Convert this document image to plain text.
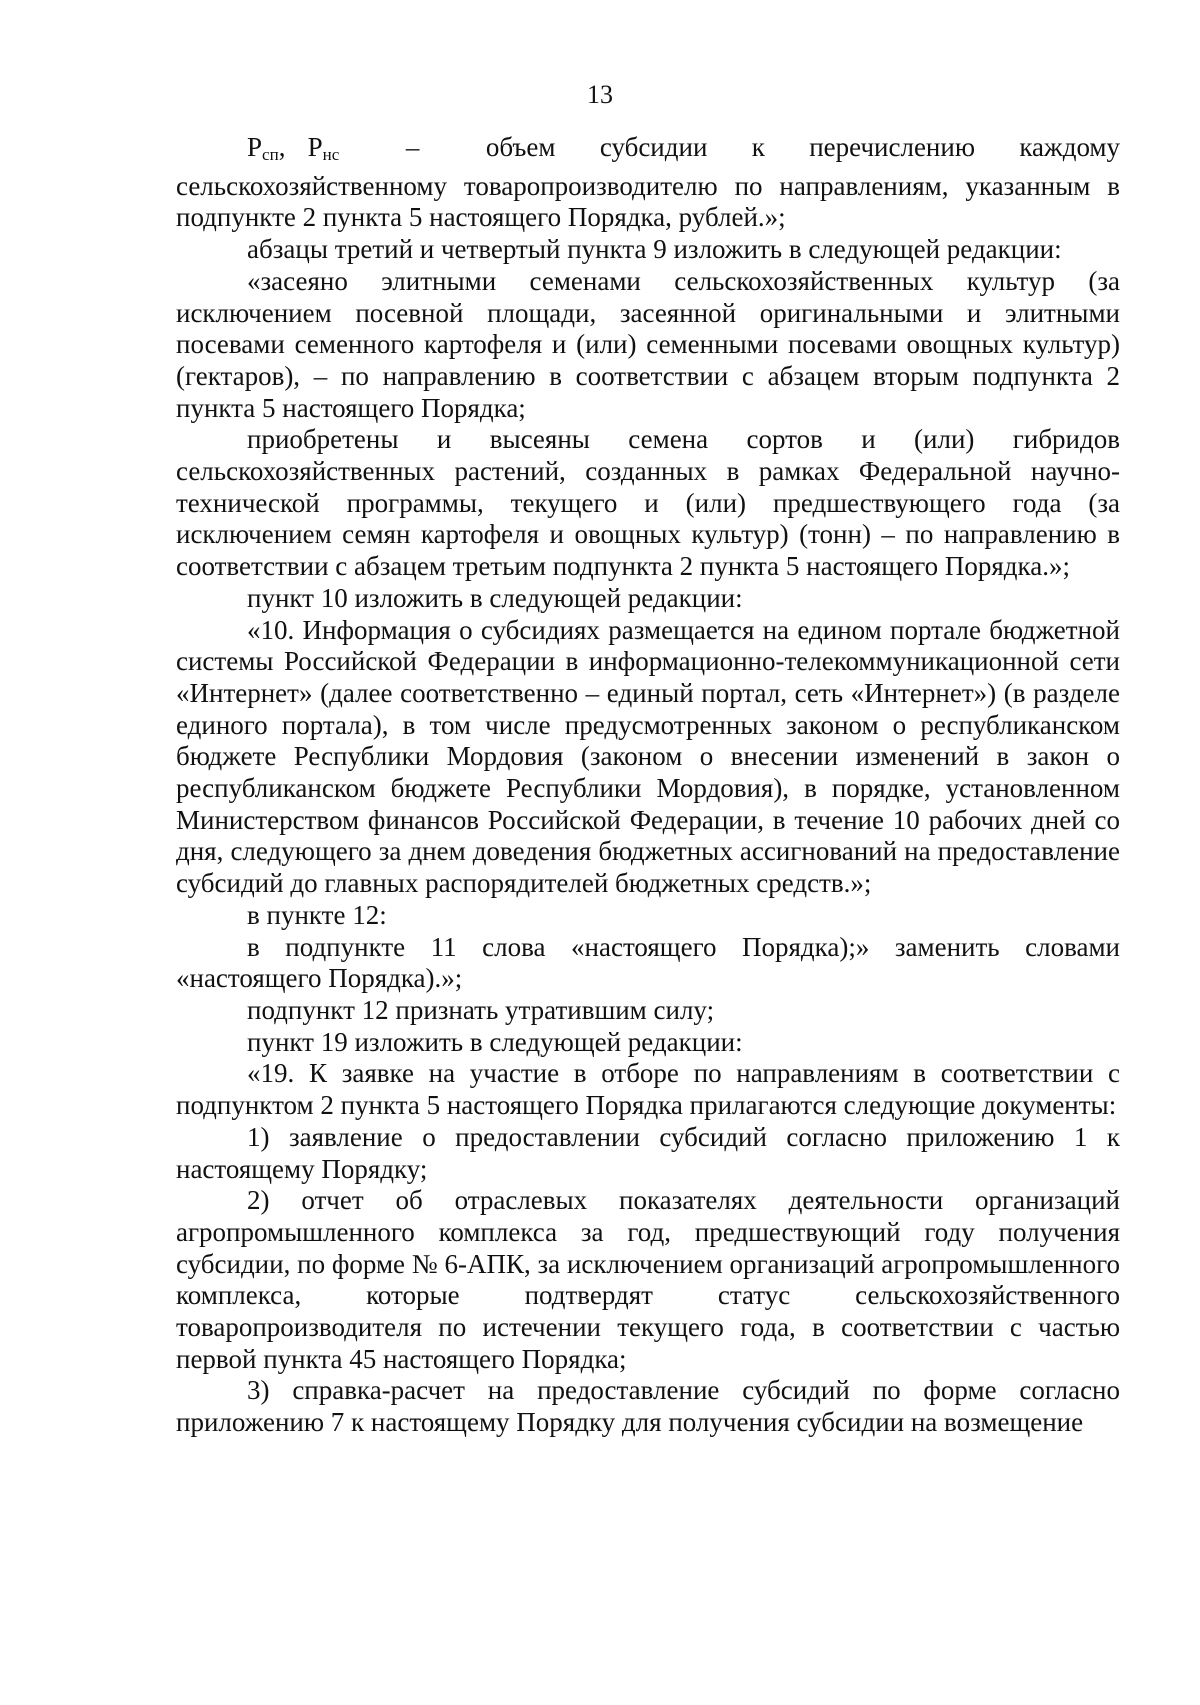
13

$Р_{сп}$, $Р_{нс}$   –   объем  субсидии  к  перечислению  каждому сельскохозяйственному товаропроизводителю по направлениям, указанным в подпункте 2 пункта 5 настоящего Порядка, рублей.»;

абзацы третий и четвертый пункта 9 изложить в следующей редакции:

«засеяно элитными семенами сельскохозяйственных культур (за исключением посевной площади, засеянной оригинальными и элитными посевами семенного картофеля и (или) семенными посевами овощных культур) (гектаров), – по направлению в соответствии с абзацем вторым подпункта 2 пункта 5 настоящего Порядка;

приобретены и высеяны семена сортов и (или) гибридов сельскохозяйственных растений, созданных в рамках Федеральной научно-технической программы, текущего и (или) предшествующего года (за исключением семян картофеля и овощных культур) (тонн) – по направлению в соответствии с абзацем третьим подпункта 2 пункта 5 настоящего Порядка.»;

пункт 10 изложить в следующей редакции:

«10. Информация о субсидиях размещается на едином портале бюджетной системы Российской Федерации в информационно-телекоммуникационной сети «Интернет» (далее соответственно – единый портал, сеть «Интернет») (в разделе единого портала), в том числе предусмотренных законом о республиканском бюджете Республики Мордовия (законом о внесении изменений в закон о республиканском бюджете Республики Мордовия), в порядке, установленном Министерством финансов Российской Федерации, в течение 10 рабочих дней со дня, следующего за днем доведения бюджетных ассигнований на предоставление субсидий до главных распорядителей бюджетных средств.»;

в пункте 12:

в подпункте 11 слова «настоящего Порядка);» заменить словами «настоящего Порядка).»;

подпункт 12 признать утратившим силу;

пункт 19 изложить в следующей редакции:

«19. К заявке на участие в отборе по направлениям в соответствии с подпунктом 2 пункта 5 настоящего Порядка прилагаются следующие документы:

1) заявление о предоставлении субсидий согласно приложению 1 к настоящему Порядку;

2) отчет об отраслевых показателях деятельности организаций агропромышленного комплекса за год, предшествующий году получения субсидии, по форме № 6-АПК, за исключением организаций агропромышленного комплекса, которые подтвердят статус сельскохозяйственного товаропроизводителя по истечении текущего года, в соответствии с частью первой пункта 45 настоящего Порядка;

3) справка-расчет на предоставление субсидий по форме согласно приложению 7 к настоящему Порядку для получения субсидии на возмещение
